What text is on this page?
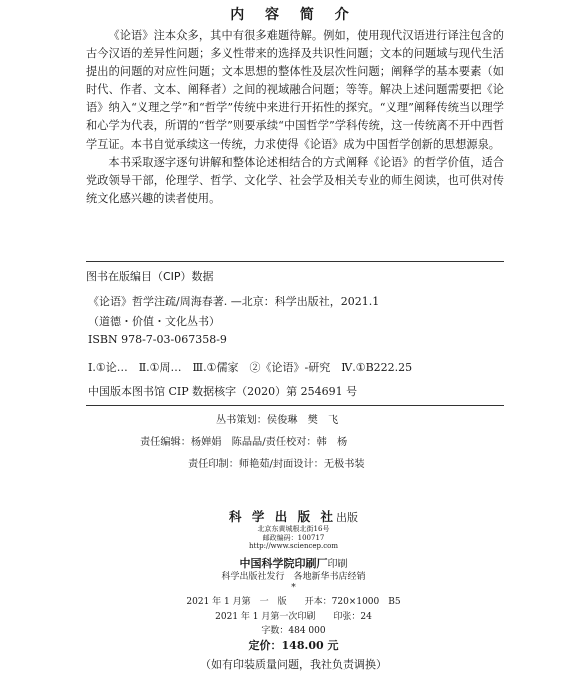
内 容 简 介

《论语》注本众多，其中有很多难题待解。例如，使用现代汉语进行译注包含的古今汉语的差异性问题；多义性带来的选择及共识性问题；文本的问题域与现代生活提出的问题的对应性问题；文本思想的整体性及层次性问题；阐释学的基本要素（如时代、作者、文本、阐释者）之间的视域融合问题；等等。解决上述问题需要把《论语》纳入“义理之学”和“哲学”传统中来进行开拓性的探究。“义理”阐释传统当以理学和心学为代表，所谓的“哲学”则要承续“中国哲学”学科传统，这一传统离不开中西哲学互证。本书自觉承续这一传统，力求使得《论语》成为中国哲学创新的思想源泉。

本书采取逐字逐句讲解和整体论述相结合的方式阐释《论语》的哲学价值，适合党政领导干部，伦理学、哲学、文化学、社会学及相关专业的师生阅读，也可供对传统文化感兴趣的读者使用。

图书在版编目（CIP）数据
《论语》哲学注疏/周海春著. —北京：科学出版社，2021.1
（道德・价值・文化丛书）
ISBN 978-7-03-067358-9
Ⅰ.①论…　Ⅱ.①周…　Ⅲ.①儒家　②《论语》-研究　Ⅳ.①B222.25
中国版本图书馆 CIP 数据核字（2020）第 254691 号
丛书策划：侯俊琳　樊　飞
责任编辑：杨婵娟　陈晶晶/责任校对：韩　杨
责任印制：师艳茹/封面设计：无极书装
科 学 出 版 社出版
北京东黄城根北街16号
邮政编码：100717
http://www.sciencep.com
中国科学院印刷厂印刷
科学出版社发行　各地新华书店经销
*
2021 年 1 月第　一　版　　开本：720×1000　B5
2021 年 1 月第一次印刷　　印张：24
字数：484 000
定价：148.00 元
（如有印装质量问题，我社负责调换）
